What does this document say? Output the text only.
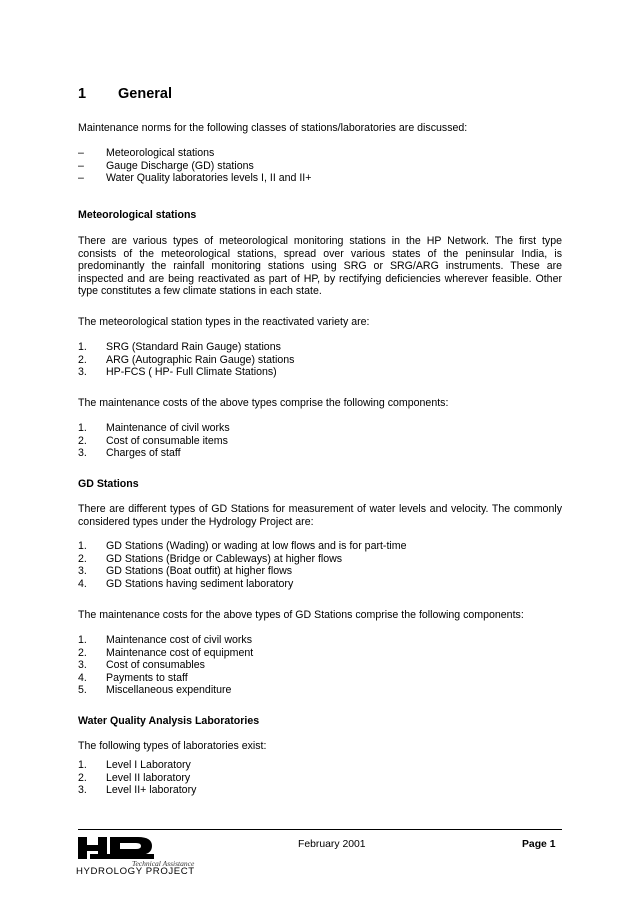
1 General

Maintenance norms for the following classes of stations/laboratories are discussed:

– Meteorological stations
– Gauge Discharge (GD) stations
– Water Quality laboratories levels I, II and II+
Meteorological stations
There are various types of meteorological monitoring stations in the HP Network. The first type
consists of the meteorological stations, spread over various states of the peninsular India, is
predominantly the rainfall monitoring stations using SRG or SRG/ARG instruments. These are
inspected and are being reactivated as part of HP, by rectifying deficiencies wherever feasible. Other
type constitutes a few climate stations in each state.

The meteorological station types in the reactivated variety are:

1. SRG (Standard Rain Gauge) stations
2. ARG (Autographic Rain Gauge) stations
3. HP-FCS ( HP- Full Climate Stations)

The maintenance costs of the above types comprise the following components:

1. Maintenance of civil works
2. Cost of consumable items
3. Charges of staff
GD Stations
There are different types of GD Stations for measurement of water levels and velocity. The commonly
considered types under the Hydrology Project are:
1. GD Stations (Wading) or wading at low flows and is for part-time
2. GD Stations (Bridge or Cableways) at higher flows
3. GD Stations (Boat outfit) at higher flows
4. GD Stations having sediment laboratory

The maintenance costs for the above types of GD Stations comprise the following components:

1. Maintenance cost of civil works
2. Maintenance cost of equipment
3. Cost of consumables
4. Payments to staff
5. Miscellaneous expenditure
Water Quality Analysis Laboratories

The following types of laboratories exist:

1. Level I Laboratory
2. Level II laboratory
3. Level II+ laboratory
Technical Assistance
HYDROLOGY PROJECT
February 2001	Page 1
